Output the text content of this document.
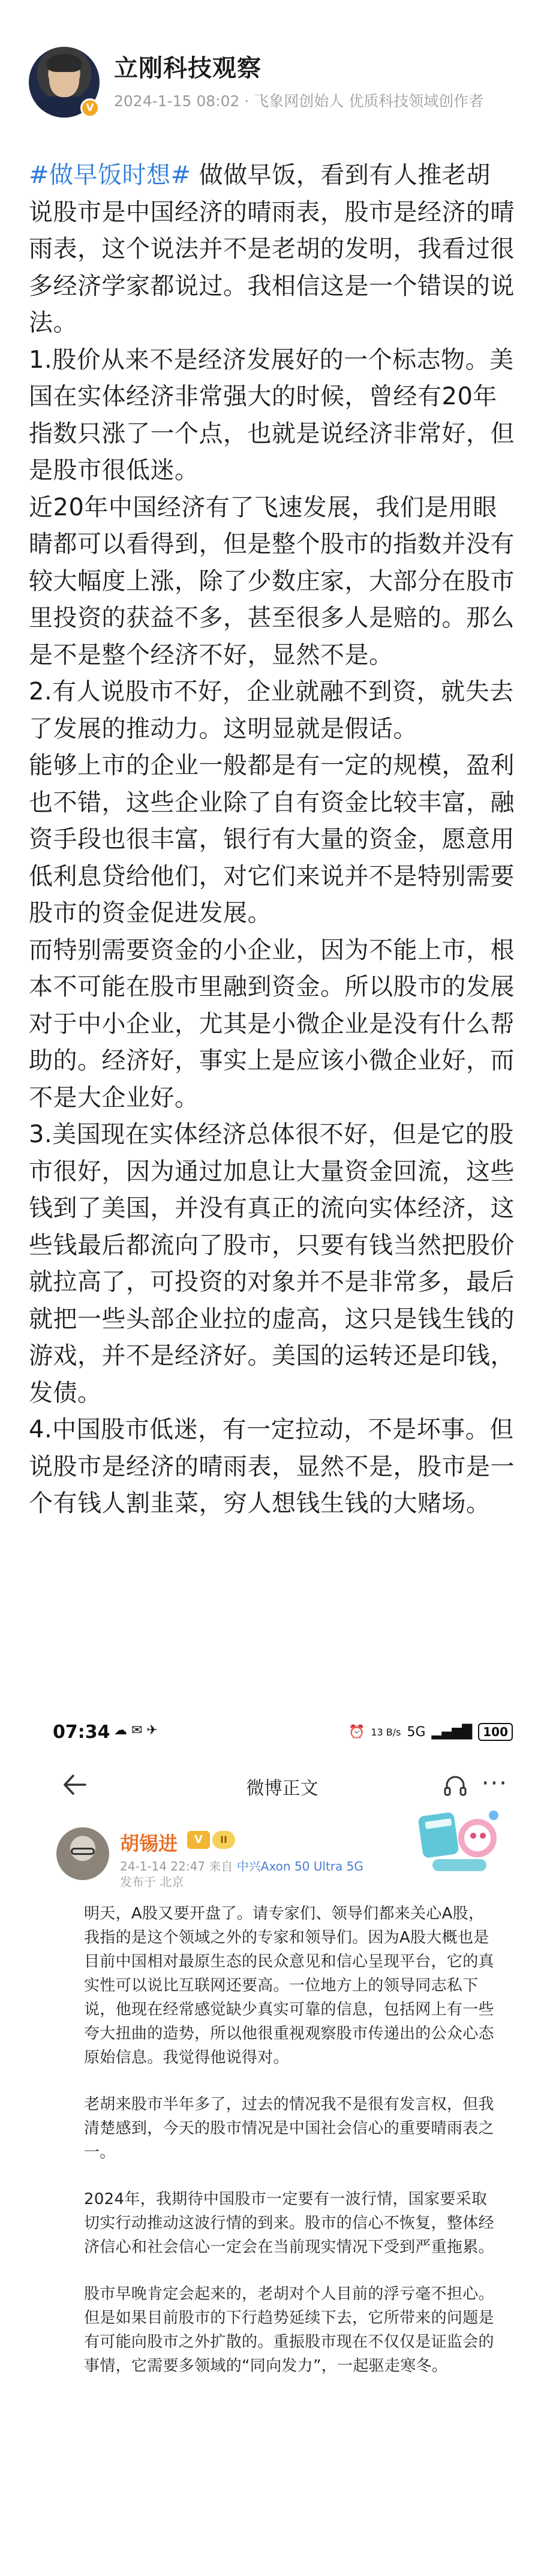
V
立刚科技观察
2024-1-15 08:02 · 飞象网创始人 优质科技领域创作者

#做早饭时想# 做做早饭，看到有人推老胡说股市是中国经济的晴雨表，股市是经济的晴雨表，这个说法并不是老胡的发明，我看过很多经济学家都说过。我相信这是一个错误的说法。

1.股价从来不是经济发展好的一个标志物。美国在实体经济非常强大的时候，曾经有20年指数只涨了一个点，也就是说经济非常好，但是股市很低迷。

近20年中国经济有了飞速发展，我们是用眼睛都可以看得到，但是整个股市的指数并没有较大幅度上涨，除了少数庄家，大部分在股市里投资的获益不多，甚至很多人是赔的。那么是不是整个经济不好，显然不是。

2.有人说股市不好，企业就融不到资，就失去了发展的推动力。这明显就是假话。

能够上市的企业一般都是有一定的规模，盈利也不错，这些企业除了自有资金比较丰富，融资手段也很丰富，银行有大量的资金，愿意用低利息贷给他们，对它们来说并不是特别需要股市的资金促进发展。

而特别需要资金的小企业，因为不能上市，根本不可能在股市里融到资金。所以股市的发展对于中小企业，尤其是小微企业是没有什么帮助的。经济好，事实上是应该小微企业好，而不是大企业好。

3.美国现在实体经济总体很不好，但是它的股市很好，因为通过加息让大量资金回流，这些钱到了美国，并没有真正的流向实体经济，这些钱最后都流向了股市，只要有钱当然把股价就拉高了，可投资的对象并不是非常多，最后就把一些头部企业拉的虚高，这只是钱生钱的游戏，并不是经济好。美国的运转还是印钱，发债。

4.中国股市低迷，有一定拉动，不是坏事。但说股市是经济的晴雨表，显然不是，股市是一个有钱人割韭菜，穷人想钱生钱的大赌场。

07:34 ☁ ✉ ✈	⏰ 13 B/s 5G ▂▄▆█ 100
微博正文	···
胡锡进	V	II
24-1-14 22:47 来自 中兴Axon 50 Ultra 5G
发布于 北京

明天，A股又要开盘了。请专家们、领导们都来关心A股，我指的是这个领域之外的专家和领导们。因为A股大概也是目前中国相对最原生态的民众意见和信心呈现平台，它的真实性可以说比互联网还要高。一位地方上的领导同志私下说，他现在经常感觉缺少真实可靠的信息，包括网上有一些夸大扭曲的造势，所以他很重视观察股市传递出的公众心态原始信息。我觉得他说得对。

老胡来股市半年多了，过去的情况我不是很有发言权，但我清楚感到，今天的股市情况是中国社会信心的重要晴雨表之一。

2024年，我期待中国股市一定要有一波行情，国家要采取切实行动推动这波行情的到来。股市的信心不恢复，整体经济信心和社会信心一定会在当前现实情况下受到严重拖累。

股市早晚肯定会起来的，老胡对个人目前的浮亏毫不担心。但是如果目前股市的下行趋势延续下去，它所带来的问题是有可能向股市之外扩散的。重振股市现在不仅仅是证监会的事情，它需要多领域的“同向发力”，一起驱走寒冬。
